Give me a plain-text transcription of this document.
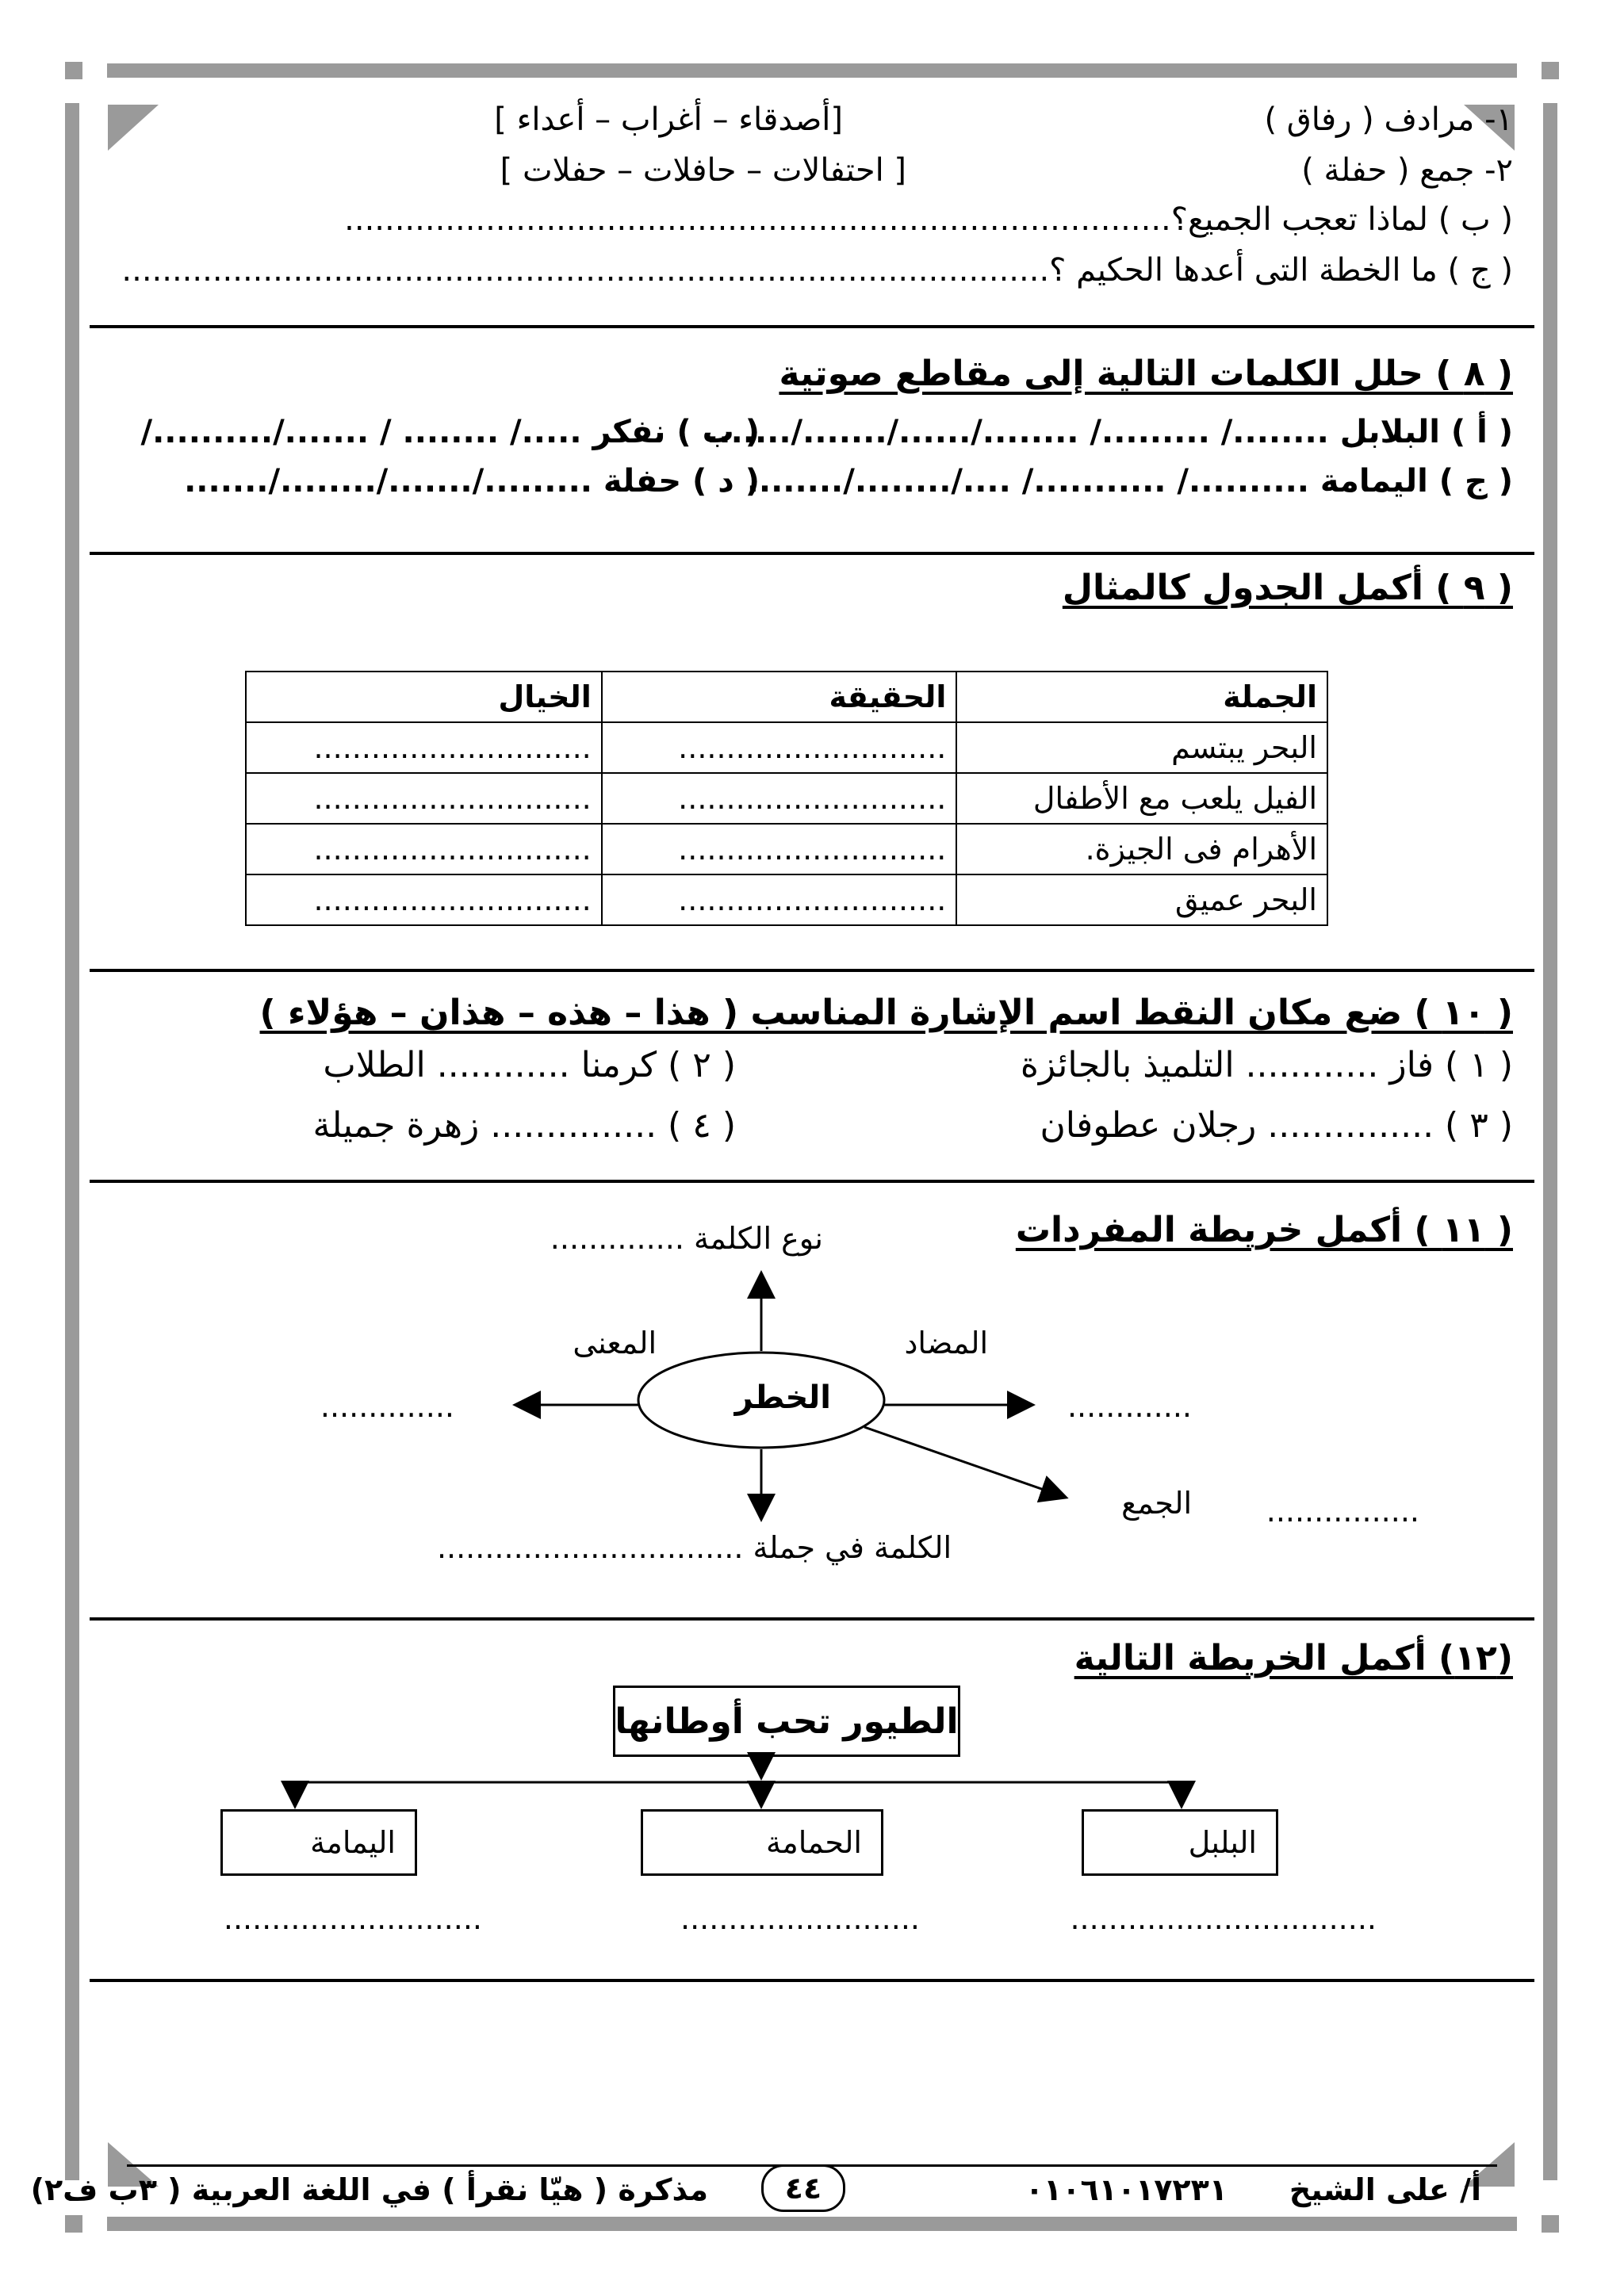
١- مرادف ( رفاق )
[أصدقاء – أغراب – أعداء ]
٢- جمع ( حفلة )
[ احتفالات – حافلات – حفلات ]
( ب ) لماذا تعجب الجميع؟..................................................................................
( ج ) ما الخطة التى أعدها الحكيم ؟............................................................................................
( ٨ ) حلل الكلمات التالية إلى مقاطع صوتية
( أ ) البلابل ......../ ........./ ......../....../......./.......
( ب ) نفكر ...../ ........ / ......./........../
( ج ) اليمامة ........../ .........../ ..../......../........
( د ) حفلة ........./......./......../.......
( ٩ ) أكمل الجدول كالمثال
الجملة	الحقيقة	الخيال
البحر يبتسم	............................	.............................
الفيل يلعب مع الأطفال	............................	.............................
الأهرام فى الجيزة.	............................	.............................
البحر عميق	............................	.............................
( ١٠ ) ضع مكان النقط اسم الإشارة المناسب ( هذا – هذه – هذان – هؤلاء )
( ١ ) فاز ............ التلميذ بالجائزة
( ٢ ) كرمنا ............ الطلاب
( ٣ ) ............... رجلان عطوفان
( ٤ ) ............... زهرة جميلة
( ١١ ) أكمل خريطة المفردات
الخطر
نوع الكلمة ..............
المعنى
..............
المضاد
.............
الجمع ................
الكلمة في جملة ................................
(١٢) أكمل الخريطة التالية
الطيور تحب أوطانها
البلبل
الحمامة
اليمامة
................................
.........................
...........................
أ/ على الشيخ
٠١٠٦١٠١٧٢٣١
٤٤
مذكرة ( هيّا نقرأ ) في اللغة العربية ( ٣ب ف٢)
